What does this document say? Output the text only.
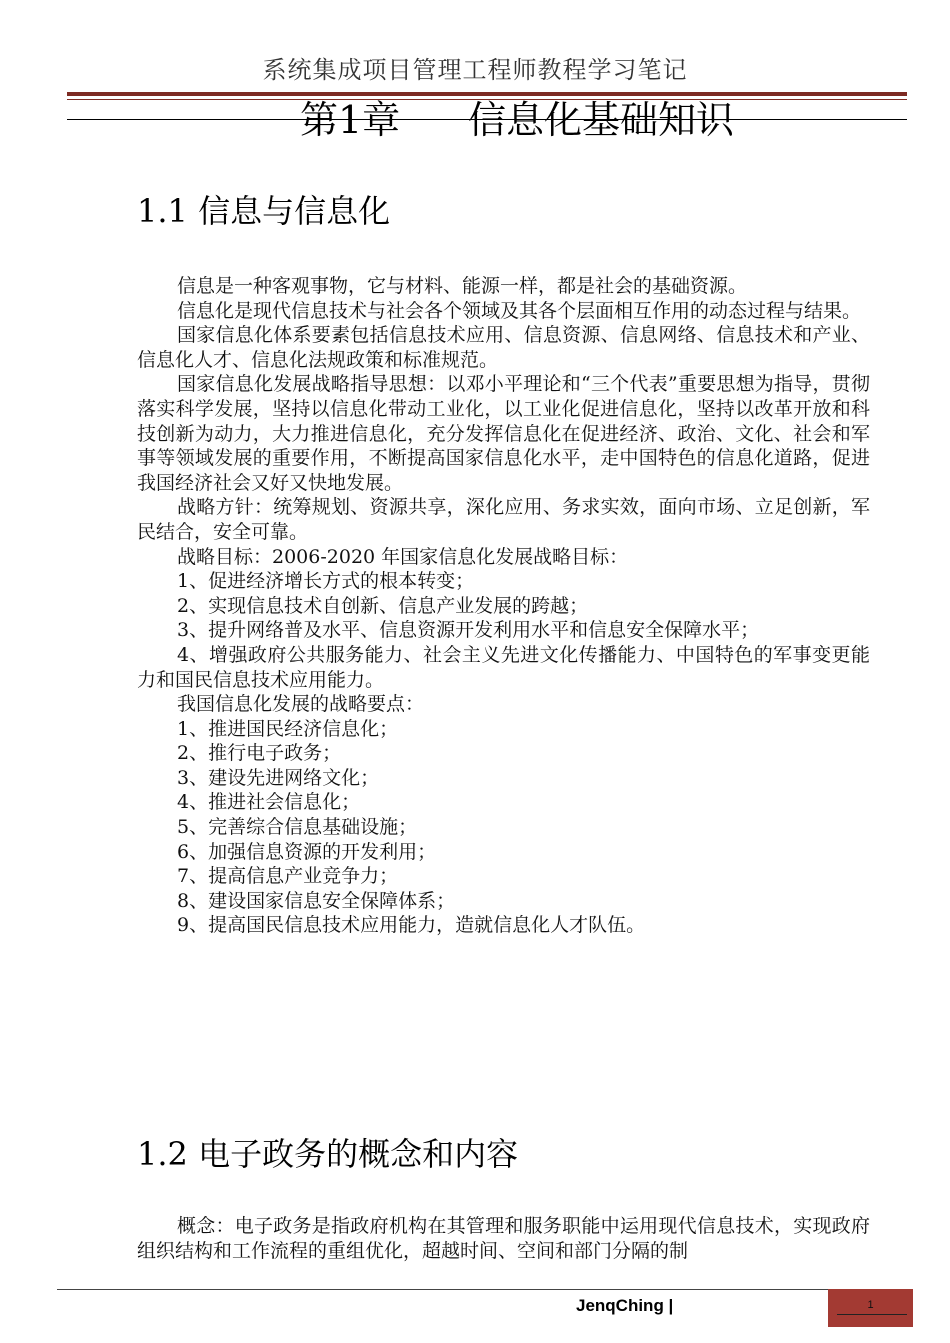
系统集成项目管理工程师教程学习笔记
第1章 信息化基础知识
1.1 信息与信息化

信息是一种客观事物，它与材料、能源一样，都是社会的基础资源。

信息化是现代信息技术与社会各个领域及其各个层面相互作用的动态过程与结果。

国家信息化体系要素包括信息技术应用、信息资源、信息网络、信息技术和产业、信息化人才、信息化法规政策和标准规范。

国家信息化发展战略指导思想：以邓小平理论和“三个代表”重要思想为指导，贯彻落实科学发展，坚持以信息化带动工业化，以工业化促进信息化，坚持以改革开放和科技创新为动力，大力推进信息化，充分发挥信息化在促进经济、政治、文化、社会和军事等领域发展的重要作用，不断提高国家信息化水平，走中国特色的信息化道路，促进我国经济社会又好又快地发展。

战略方针：统筹规划、资源共享，深化应用、务求实效，面向市场、立足创新，军民结合，安全可靠。

战略目标：2006-2020 年国家信息化发展战略目标：

1、促进经济增长方式的根本转变；

2、实现信息技术自创新、信息产业发展的跨越；

3、提升网络普及水平、信息资源开发利用水平和信息安全保障水平；

4、增强政府公共服务能力、社会主义先进文化传播能力、中国特色的军事变更能力和国民信息技术应用能力。

我国信息化发展的战略要点：

1、推进国民经济信息化；

2、推行电子政务；

3、建设先进网络文化；

4、推进社会信息化；

5、完善综合信息基础设施；

6、加强信息资源的开发利用；

7、提高信息产业竞争力；

8、建设国家信息安全保障体系；

9、提高国民信息技术应用能力，造就信息化人才队伍。

1.2 电子政务的概念和内容

概念：电子政务是指政府机构在其管理和服务职能中运用现代信息技术，实现政府组织结构和工作流程的重组优化，超越时间、空间和部门分隔的制

JenqChing |	1
